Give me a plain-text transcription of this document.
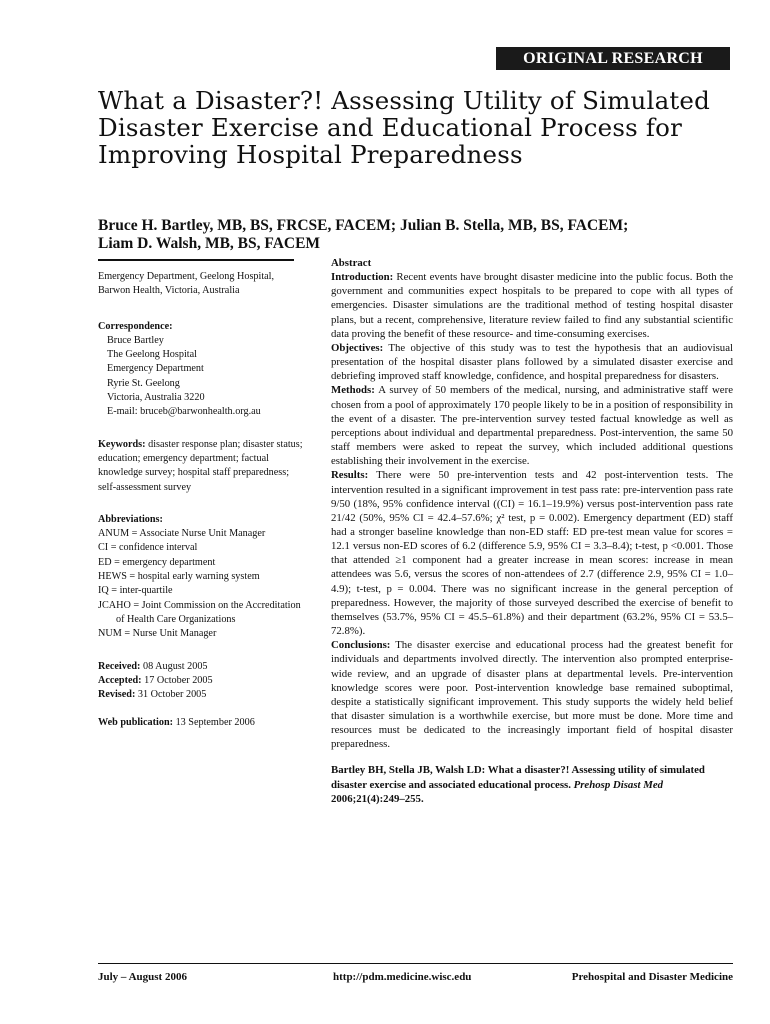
ORIGINAL RESEARCH
What a Disaster?! Assessing Utility of Simulated Disaster Exercise and Educational Process for Improving Hospital Preparedness

Bruce H. Bartley, MB, BS, FRCSE, FACEM; Julian B. Stella, MB, BS, FACEM;
Liam D. Walsh, MB, BS, FACEM

Emergency Department, Geelong Hospital,
Barwon Health, Victoria, Australia

Correspondence:

Bruce Bartley

The Geelong Hospital

Emergency Department

Ryrie St. Geelong

Victoria, Australia 3220

E-mail: bruceb@barwonhealth.org.au

Keywords: disaster response plan; disaster status; education; emergency department; factual knowledge survey; hospital staff preparedness; self-assessment survey

Abbreviations:

ANUM = Associate Nurse Unit Manager

CI = confidence interval

ED = emergency department

HEWS = hospital early warning system

IQ = inter-quartile

JCAHO = Joint Commission on the Accreditation of Health Care Organizations

NUM = Nurse Unit Manager

Received: 08 August 2005

Accepted: 17 October 2005

Revised: 31 October 2005

Web publication: 13 September 2006

Abstract

Introduction: Recent events have brought disaster medicine into the public focus. Both the government and communities expect hospitals to be prepared to cope with all types of emergencies. Disaster simulations are the traditional method of testing hospital disaster plans, but a recent, comprehensive, literature review failed to find any substantial scientific data proving the benefit of these resource- and time-consuming exercises.

Objectives: The objective of this study was to test the hypothesis that an audiovisual presentation of the hospital disaster plans followed by a simulated disaster exercise and debriefing improved staff knowledge, confidence, and hospital preparedness for disasters.

Methods: A survey of 50 members of the medical, nursing, and administrative staff were chosen from a pool of approximately 170 people likely to be in a position of responsibility in the event of a disaster. The pre-intervention survey tested factual knowledge as well as perceptions about individual and departmental preparedness. Post-intervention, the same 50 staff members were asked to repeat the survey, which included additional questions establishing their involvement in the exercise.

Results: There were 50 pre-intervention tests and 42 post-intervention tests. The intervention resulted in a significant improvement in test pass rate: pre-intervention pass rate 9/50 (18%, 95% confidence interval ((CI) = 16.1–19.9%) versus post-intervention pass rate 21/42 (50%, 95% CI = 42.4–57.6%; χ² test, p = 0.002). Emergency department (ED) staff had a stronger baseline knowledge than non-ED staff: ED pre-test mean value for scores = 12.1 versus non-ED scores of 6.2 (difference 5.9, 95% CI = 3.3–8.4); t-test, p <0.001. Those that attended ≥1 component had a greater increase in mean scores: increase in mean attendees was 5.6, versus the scores of non-attendees of 2.7 (difference 2.9, 95% CI = 1.0–4.9); t-test, p = 0.004. There was no significant increase in the general perception of preparedness. However, the majority of those surveyed described the exercise of benefit to themselves (53.7%, 95% CI = 45.5–61.8%) and their department (63.2%, 95% CI = 53.5–72.8%).

Conclusions: The disaster exercise and educational process had the greatest benefit for individuals and departments involved directly. The intervention also prompted enterprise-wide review, and an upgrade of disaster plans at departmental levels. Pre-intervention knowledge scores were poor. Post-intervention knowledge base remained suboptimal, despite a statistically significant improvement. This study supports the widely held belief that disaster simulation is a worthwhile exercise, but more must be done. More time and resources must be dedicated to the increasingly important field of hospital disaster preparedness.

Bartley BH, Stella JB, Walsh LD: What a disaster?! Assessing utility of simulated disaster exercise and associated educational process. Prehosp Disast Med 2006;21(4):249–255.

July – August 2006	http://pdm.medicine.wisc.edu	Prehospital and Disaster Medicine
